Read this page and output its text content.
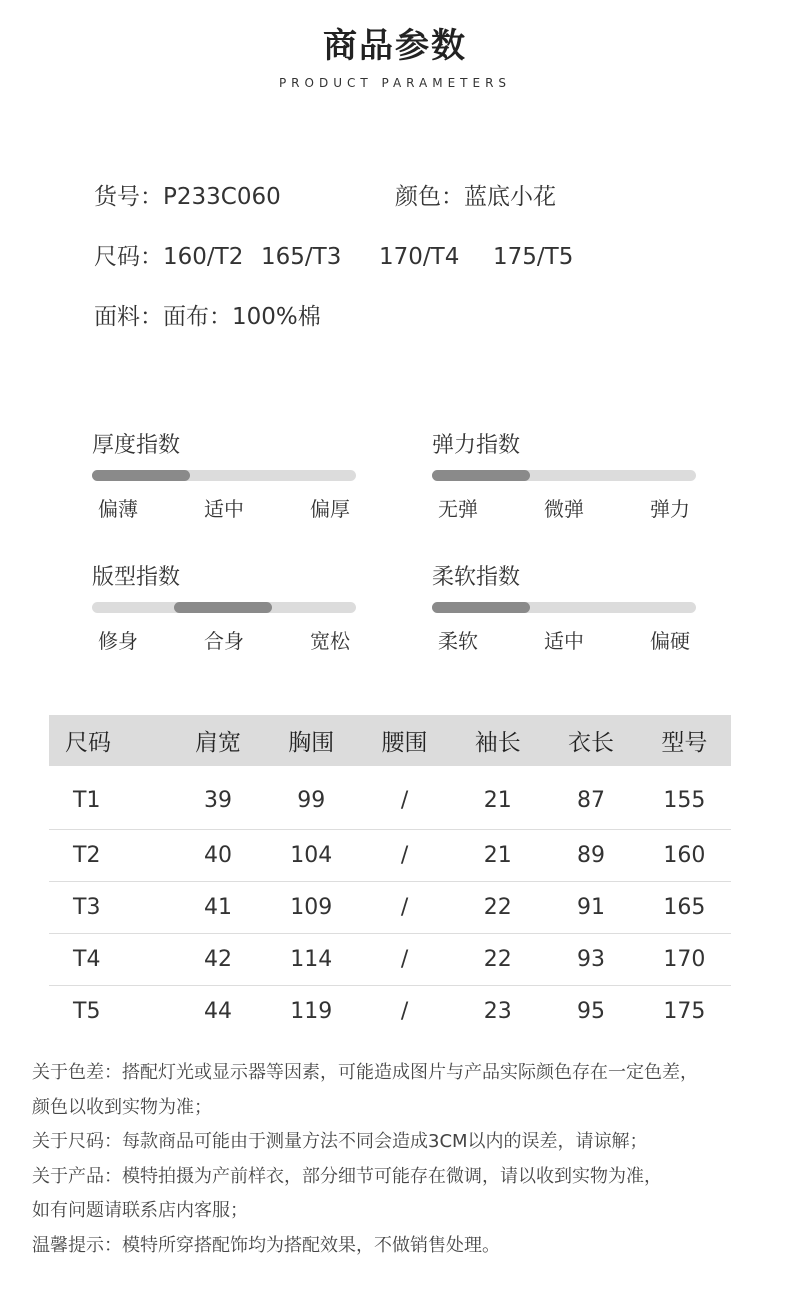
商品参数
PRODUCT PARAMETERS
货号：P233C060	颜色：蓝底小花
尺码：160/T2 165/T3 170/T4 175/T5
面料：面布：100%棉
厚度指数
偏薄	适中	偏厚
弹力指数
无弹	微弹	弹力
版型指数
修身	合身	宽松
柔软指数
柔软	适中	偏硬
尺码	肩宽	胸围	腰围	袖长	衣长	型号
T1	39	99	/	21	87	155
T2	40	104	/	21	89	160
T3	41	109	/	22	91	165
T4	42	114	/	22	93	170
T5	44	119	/	23	95	175
关于色差：搭配灯光或显示器等因素，可能造成图片与产品实际颜色存在一定色差，
颜色以收到实物为准；
关于尺码：每款商品可能由于测量方法不同会造成3CM以内的误差，请谅解；
关于产品：模特拍摄为产前样衣，部分细节可能存在微调，请以收到实物为准，
如有问题请联系店内客服；
温馨提示：模特所穿搭配饰均为搭配效果，不做销售处理。
